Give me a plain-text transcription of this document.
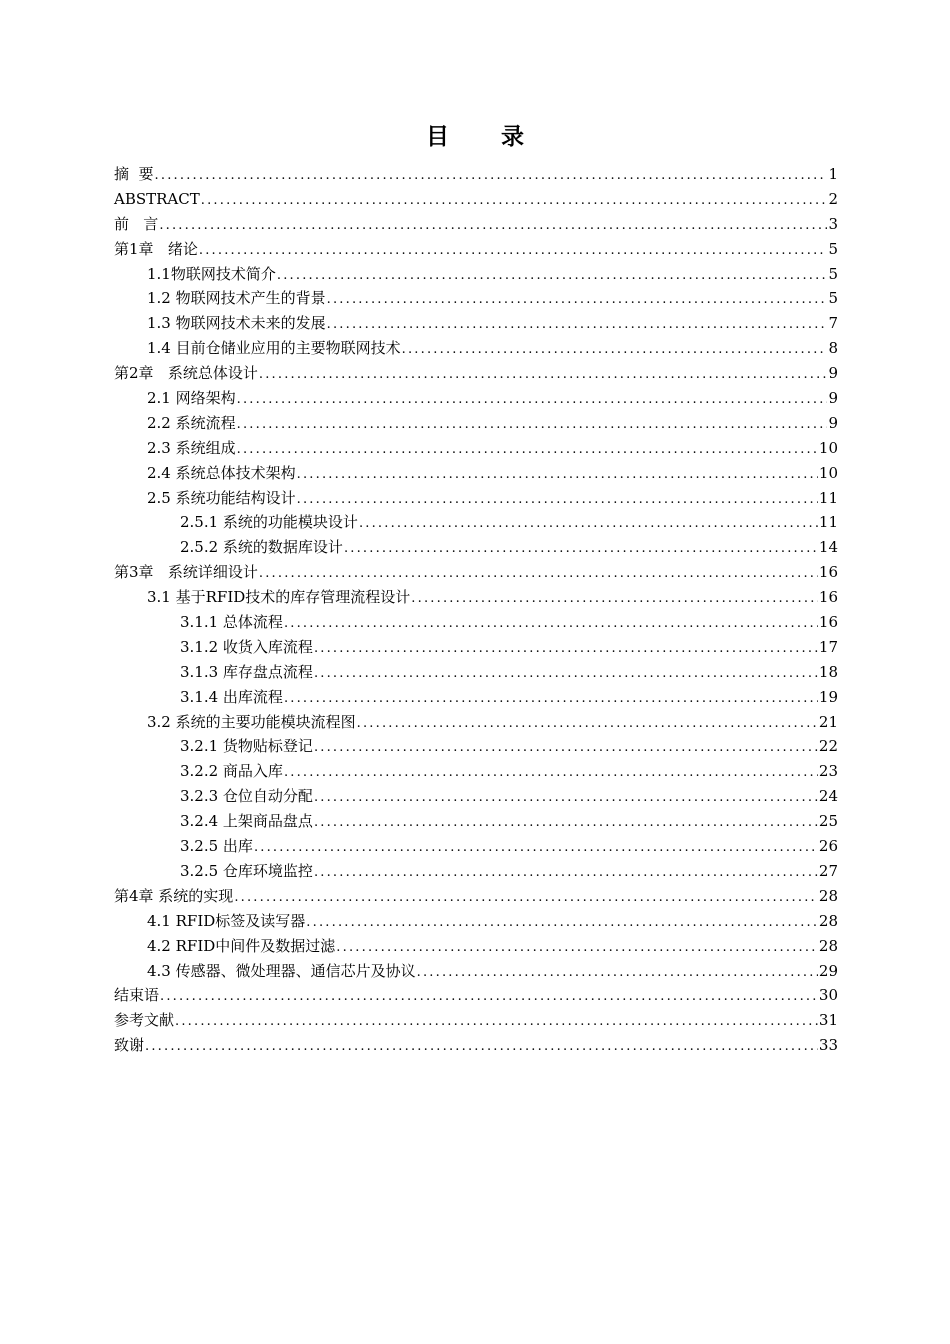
目 录
摘  要 .....	1
ABSTRACT .....	2
前   言 .....	3
第1章   绪论 .....	5
1.1物联网技术简介 .....	5
1.2 物联网技术产生的背景 .....	5
1.3 物联网技术未来的发展 .....	7
1.4 目前仓储业应用的主要物联网技术 .....	8
第2章   系统总体设计 .....	9
2.1 网络架构 .....	9
2.2 系统流程 .....	9
2.3 系统组成 .....	10
2.4 系统总体技术架构 .....	10
2.5 系统功能结构设计 .....	11
2.5.1 系统的功能模块设计 .....	11
2.5.2 系统的数据库设计 .....	14
第3章   系统详细设计 .....	16
3.1 基于RFID技术的库存管理流程设计 .....	16
3.1.1 总体流程 .....	16
3.1.2 收货入库流程 .....	17
3.1.3 库存盘点流程 .....	18
3.1.4 出库流程 .....	19
3.2 系统的主要功能模块流程图 .....	21
3.2.1 货物贴标登记 .....	22
3.2.2 商品入库 .....	23
3.2.3 仓位自动分配 .....	24
3.2.4 上架商品盘点 .....	25
3.2.5 出库 .....	26
3.2.5 仓库环境监控 .....	27
第4章 系统的实现 .....	28
4.1 RFID标签及读写器 .....	28
4.2 RFID中间件及数据过滤 .....	28
4.3 传感器、微处理器、通信芯片及协议 .....	29
结束语 .....	30
参考文献 .....	31
致谢 .....	33
